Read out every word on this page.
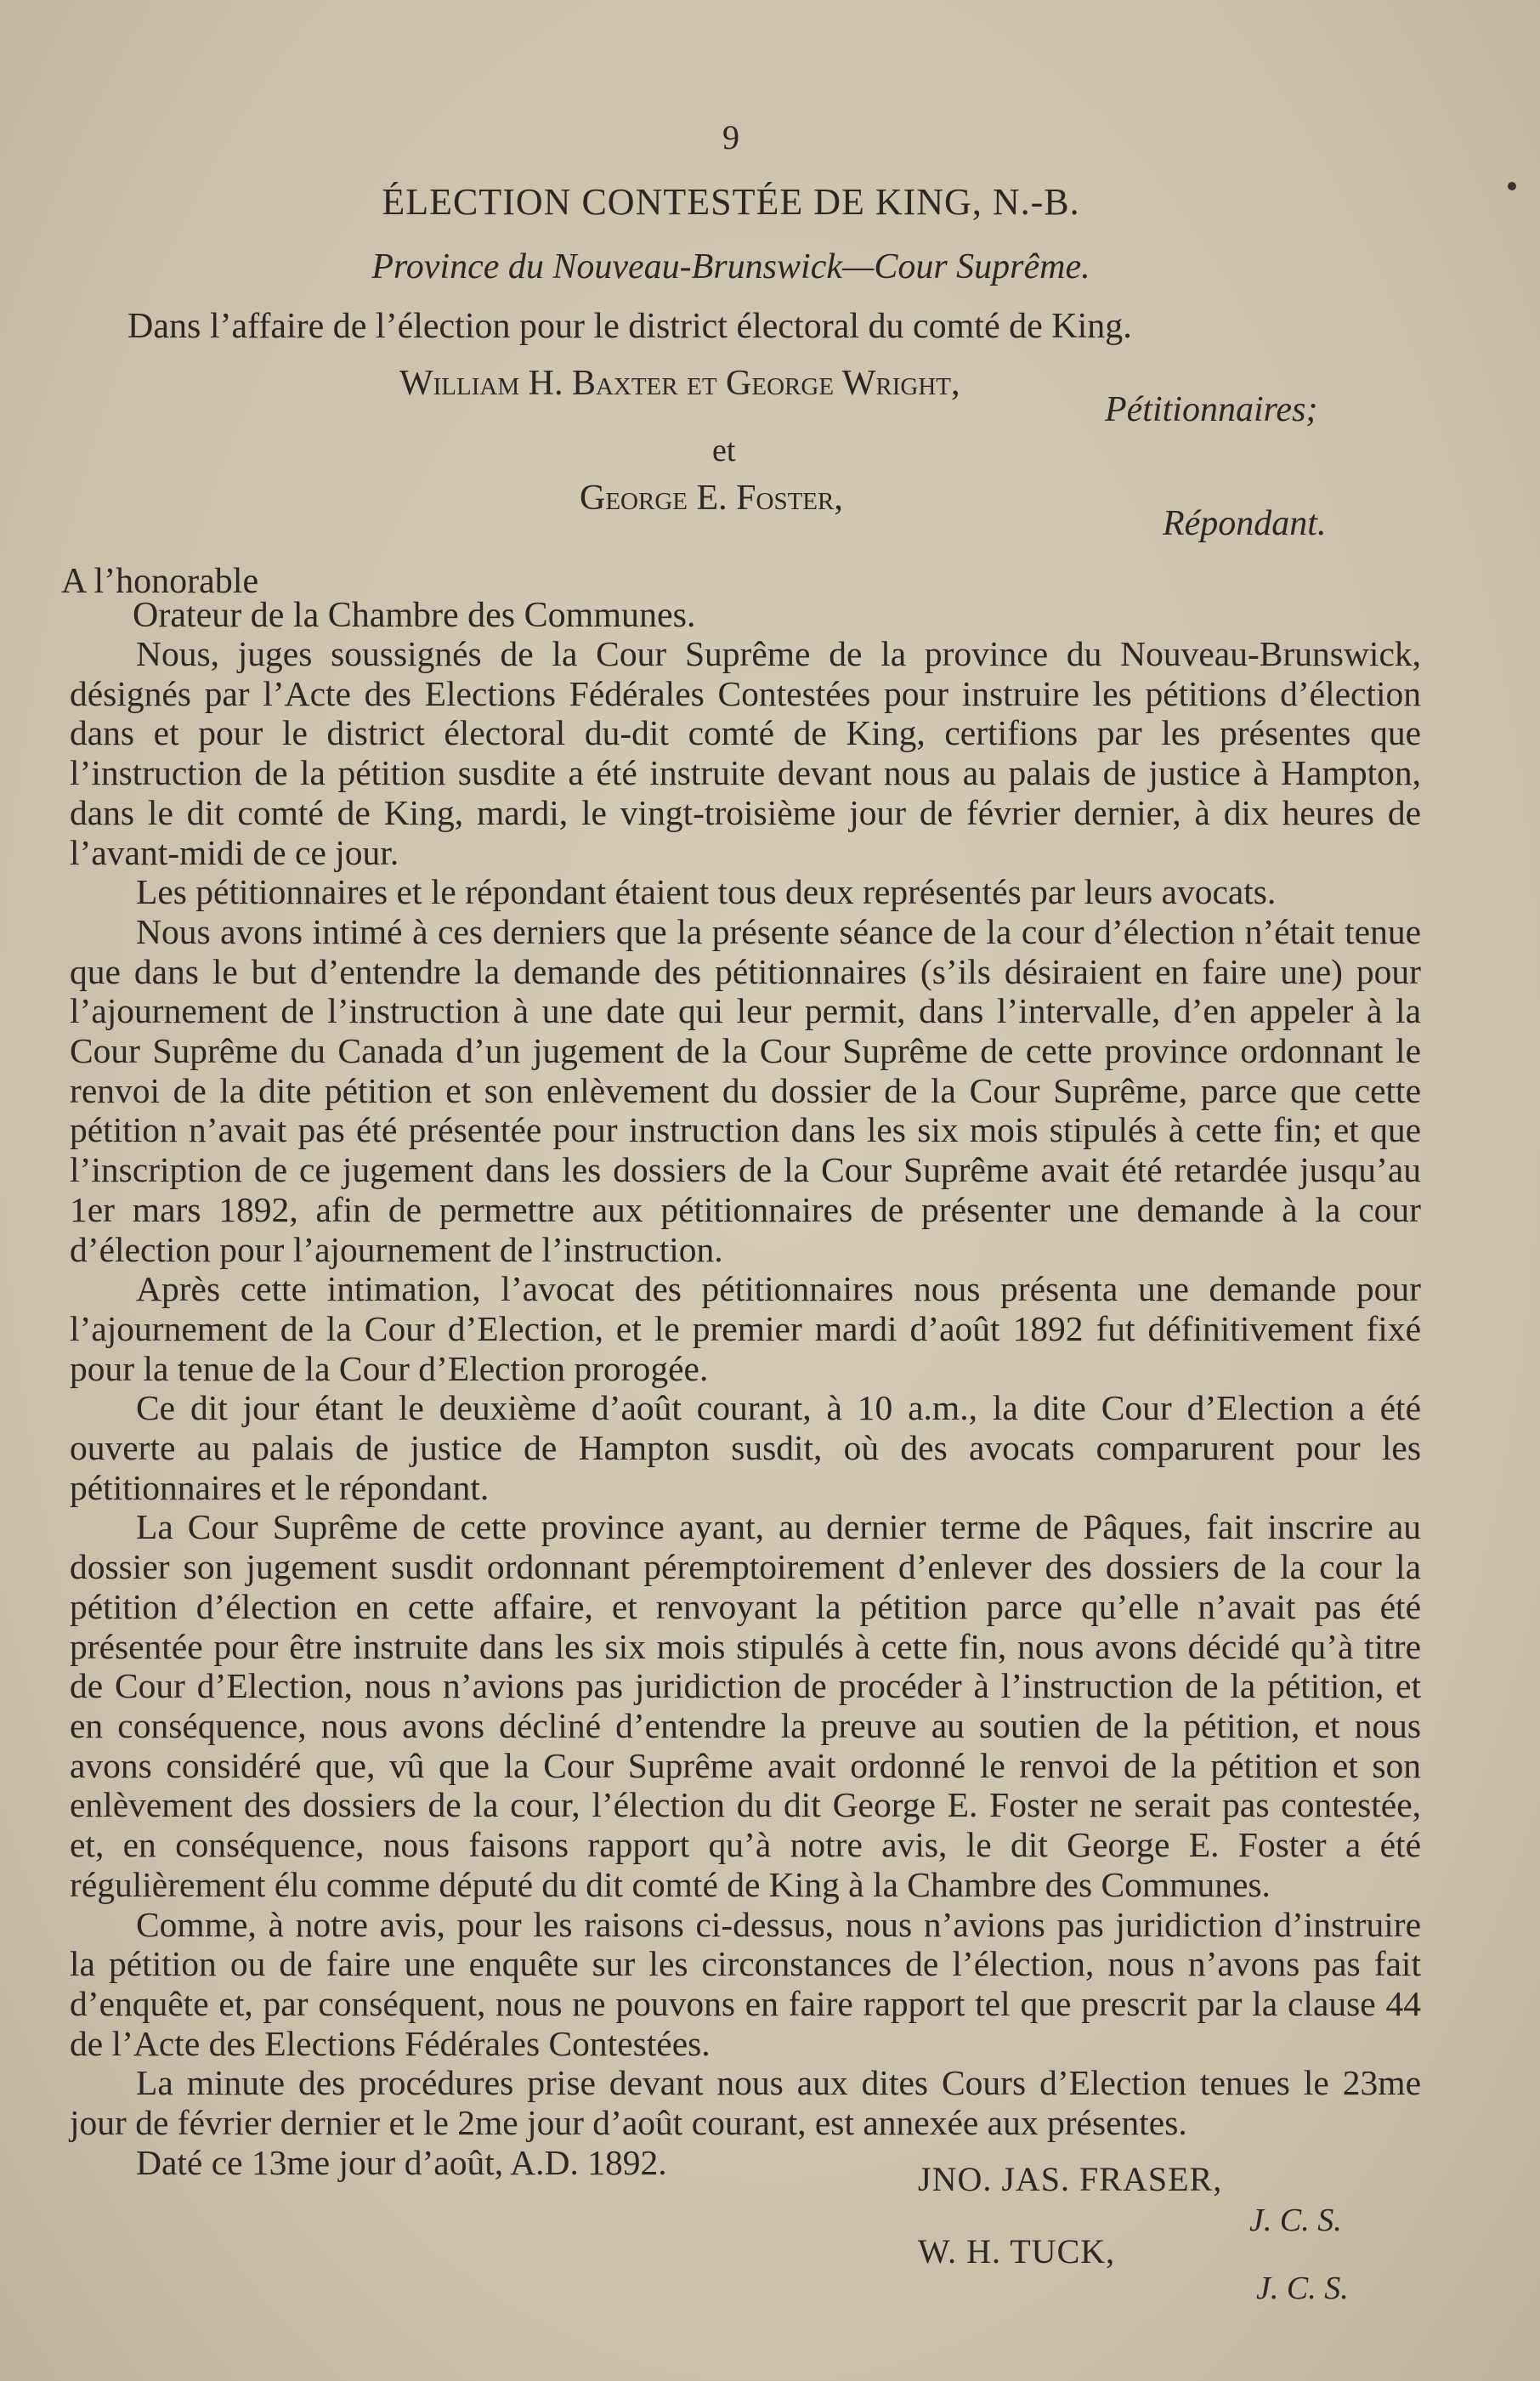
9
ÉLECTION CONTESTÉE DE KING, N.-B.
Province du Nouveau-Brunswick—Cour Suprême.
Dans l’affaire de l’élection pour le district électoral du comté de King.
William H. Baxter et George Wright,
Pétitionnaires;
et
George E. Foster,
Répondant.
A l’honorable
Orateur de la Chambre des Communes.

Nous, juges soussignés de la Cour Suprême de la province du Nouveau-Brunswick, désignés par l’Acte des Elections Fédérales Contestées pour instruire les pétitions d’élection dans et pour le district électoral du-dit comté de King, certifions par les présentes que l’instruction de la pétition susdite a été instruite devant nous au palais de justice à Hampton, dans le dit comté de King, mardi, le vingt-troisième jour de février dernier, à dix heures de l’avant-midi de ce jour.

Les pétitionnaires et le répondant étaient tous deux représentés par leurs avocats.

Nous avons intimé à ces derniers que la présente séance de la cour d’élection n’était tenue que dans le but d’entendre la demande des pétitionnaires (s’ils désiraient en faire une) pour l’ajournement de l’instruction à une date qui leur permit, dans l’intervalle, d’en appeler à la Cour Suprême du Canada d’un jugement de la Cour Suprême de cette province ordonnant le renvoi de la dite pétition et son enlèvement du dossier de la Cour Suprême, parce que cette pétition n’avait pas été présentée pour instruction dans les six mois stipulés à cette fin; et que l’inscription de ce jugement dans les dossiers de la Cour Suprême avait été retardée jusqu’au 1er mars 1892, afin de permettre aux pétitionnaires de présenter une demande à la cour d’élection pour l’ajournement de l’instruction.

Après cette intimation, l’avocat des pétitionnaires nous présenta une demande pour l’ajournement de la Cour d’Election, et le premier mardi d’août 1892 fut définitivement fixé pour la tenue de la Cour d’Election prorogée.

Ce dit jour étant le deuxième d’août courant, à 10 a.m., la dite Cour d’Election a été ouverte au palais de justice de Hampton susdit, où des avocats comparurent pour les pétitionnaires et le répondant.

La Cour Suprême de cette province ayant, au dernier terme de Pâques, fait inscrire au dossier son jugement susdit ordonnant péremptoirement d’enlever des dossiers de la cour la pétition d’élection en cette affaire, et renvoyant la pétition parce qu’elle n’avait pas été présentée pour être instruite dans les six mois stipulés à cette fin, nous avons décidé qu’à titre de Cour d’Election, nous n’avions pas juridiction de procéder à l’instruction de la pétition, et en conséquence, nous avons décliné d’entendre la preuve au soutien de la pétition, et nous avons considéré que, vû que la Cour Suprême avait ordonné le renvoi de la pétition et son enlèvement des dossiers de la cour, l’élection du dit George E. Foster ne serait pas contestée, et, en conséquence, nous faisons rapport qu’à notre avis, le dit George E. Foster a été régulièrement élu comme député du dit comté de King à la Chambre des Communes.

Comme, à notre avis, pour les raisons ci-dessus, nous n’avions pas juridiction d’instruire la pétition ou de faire une enquête sur les circonstances de l’élection, nous n’avons pas fait d’enquête et, par conséquent, nous ne pouvons en faire rapport tel que prescrit par la clause 44 de l’Acte des Elections Fédérales Contestées.

La minute des procédures prise devant nous aux dites Cours d’Election tenues le 23me jour de février dernier et le 2me jour d’août courant, est annexée aux présentes.

Daté ce 13me jour d’août, A.D. 1892.	JNO. JAS. FRASER,
J. C. S.
W. H. TUCK,
J. C. S.
